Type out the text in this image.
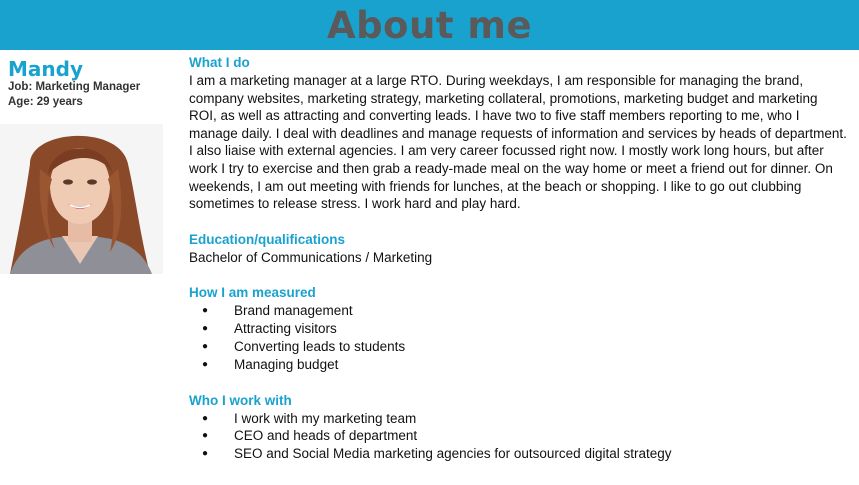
About me
Mandy
Job: Marketing Manager
Age: 29 years
What I do

I am a marketing manager at a large RTO. During weekdays, I am responsible for managing the brand, company websites, marketing strategy, marketing collateral, promotions, marketing budget and marketing ROI, as well as attracting and converting leads. I have two to five staff members reporting to me, who I manage daily. I deal with deadlines and manage requests of information and services by heads of department. I also liaise with external agencies. I am very career focussed right now. I mostly work long hours, but after work I try to exercise and then grab a ready-made meal on the way home or meet a friend out for dinner. On weekends, I am out meeting with friends for lunches, at the beach or shopping. I like to go out clubbing sometimes to release stress. I work hard and play hard.

Education/qualifications

Bachelor of Communications / Marketing

How I am measured
● Brand management
● Attracting visitors
● Converting leads to students
● Managing budget
Who I work with
● I work with my marketing team
● CEO and heads of department
● SEO and Social Media marketing agencies for outsourced digital strategy
